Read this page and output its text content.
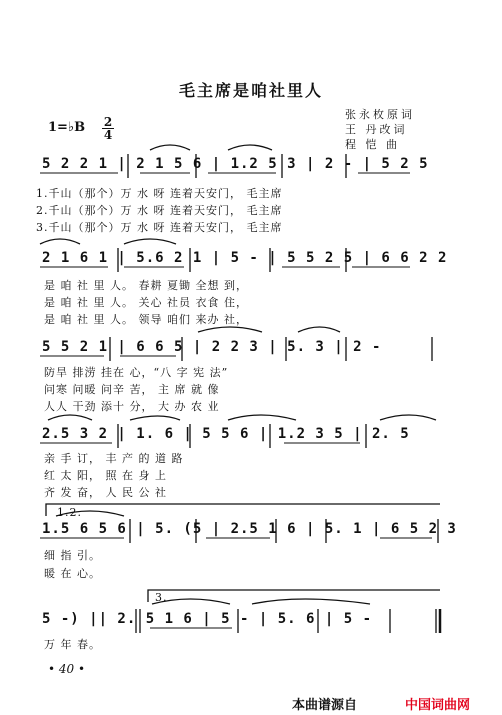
毛主席是咱社里人
张永枚原词
王 丹改词
程 恺 曲
1=♭B 2
4
5 2 2 1 | 2 1 5 6 | 1.2 5 3 | 2 - | 5 2 5
1.千山（那个）万 水 呀 连着天安门， 毛主席
2.千山（那个）万 水 呀 连着天安门， 毛主席
3.千山（那个）万 水 呀 连着天安门， 毛主席
2 1 6 1 | 5.6 2 1 | 5 - | 5 5 2 5 | 6 6 2 2
是 咱 社 里 人。 春耕 夏锄 全想 到，
是 咱 社 里 人。 关心 社员 衣食 住，
是 咱 社 里 人。 领导 咱们 来办 社，
5 5 2 1 | 6 6 5 | 2 2 3 | 5. 3 | 2 -
防旱 排涝 挂在 心，“八 字 宪 法”
问寒 问暖 问辛 苦， 主 席 就 像
人人 干劲 添十 分， 大 办 农 业
2.5 3 2 | 1. 6 | 5 5 6 | 1.2 3 5 | 2. 5
亲 手 订， 丰 产 的 道 路
红 太 阳， 照 在 身 上
齐 发 奋， 人 民 公 社
1.2.
1.5 6 5 6 | 5. (5 | 2.5 1 6 | 5. 1 | 6 5 2 3
细 指 引。
暖 在 心。
3.
5 -) || 2. 5 1 6 | 5 - | 5. 6 | 5 -
万 年 春。
• 40 •
本曲谱源自	中国词曲网
